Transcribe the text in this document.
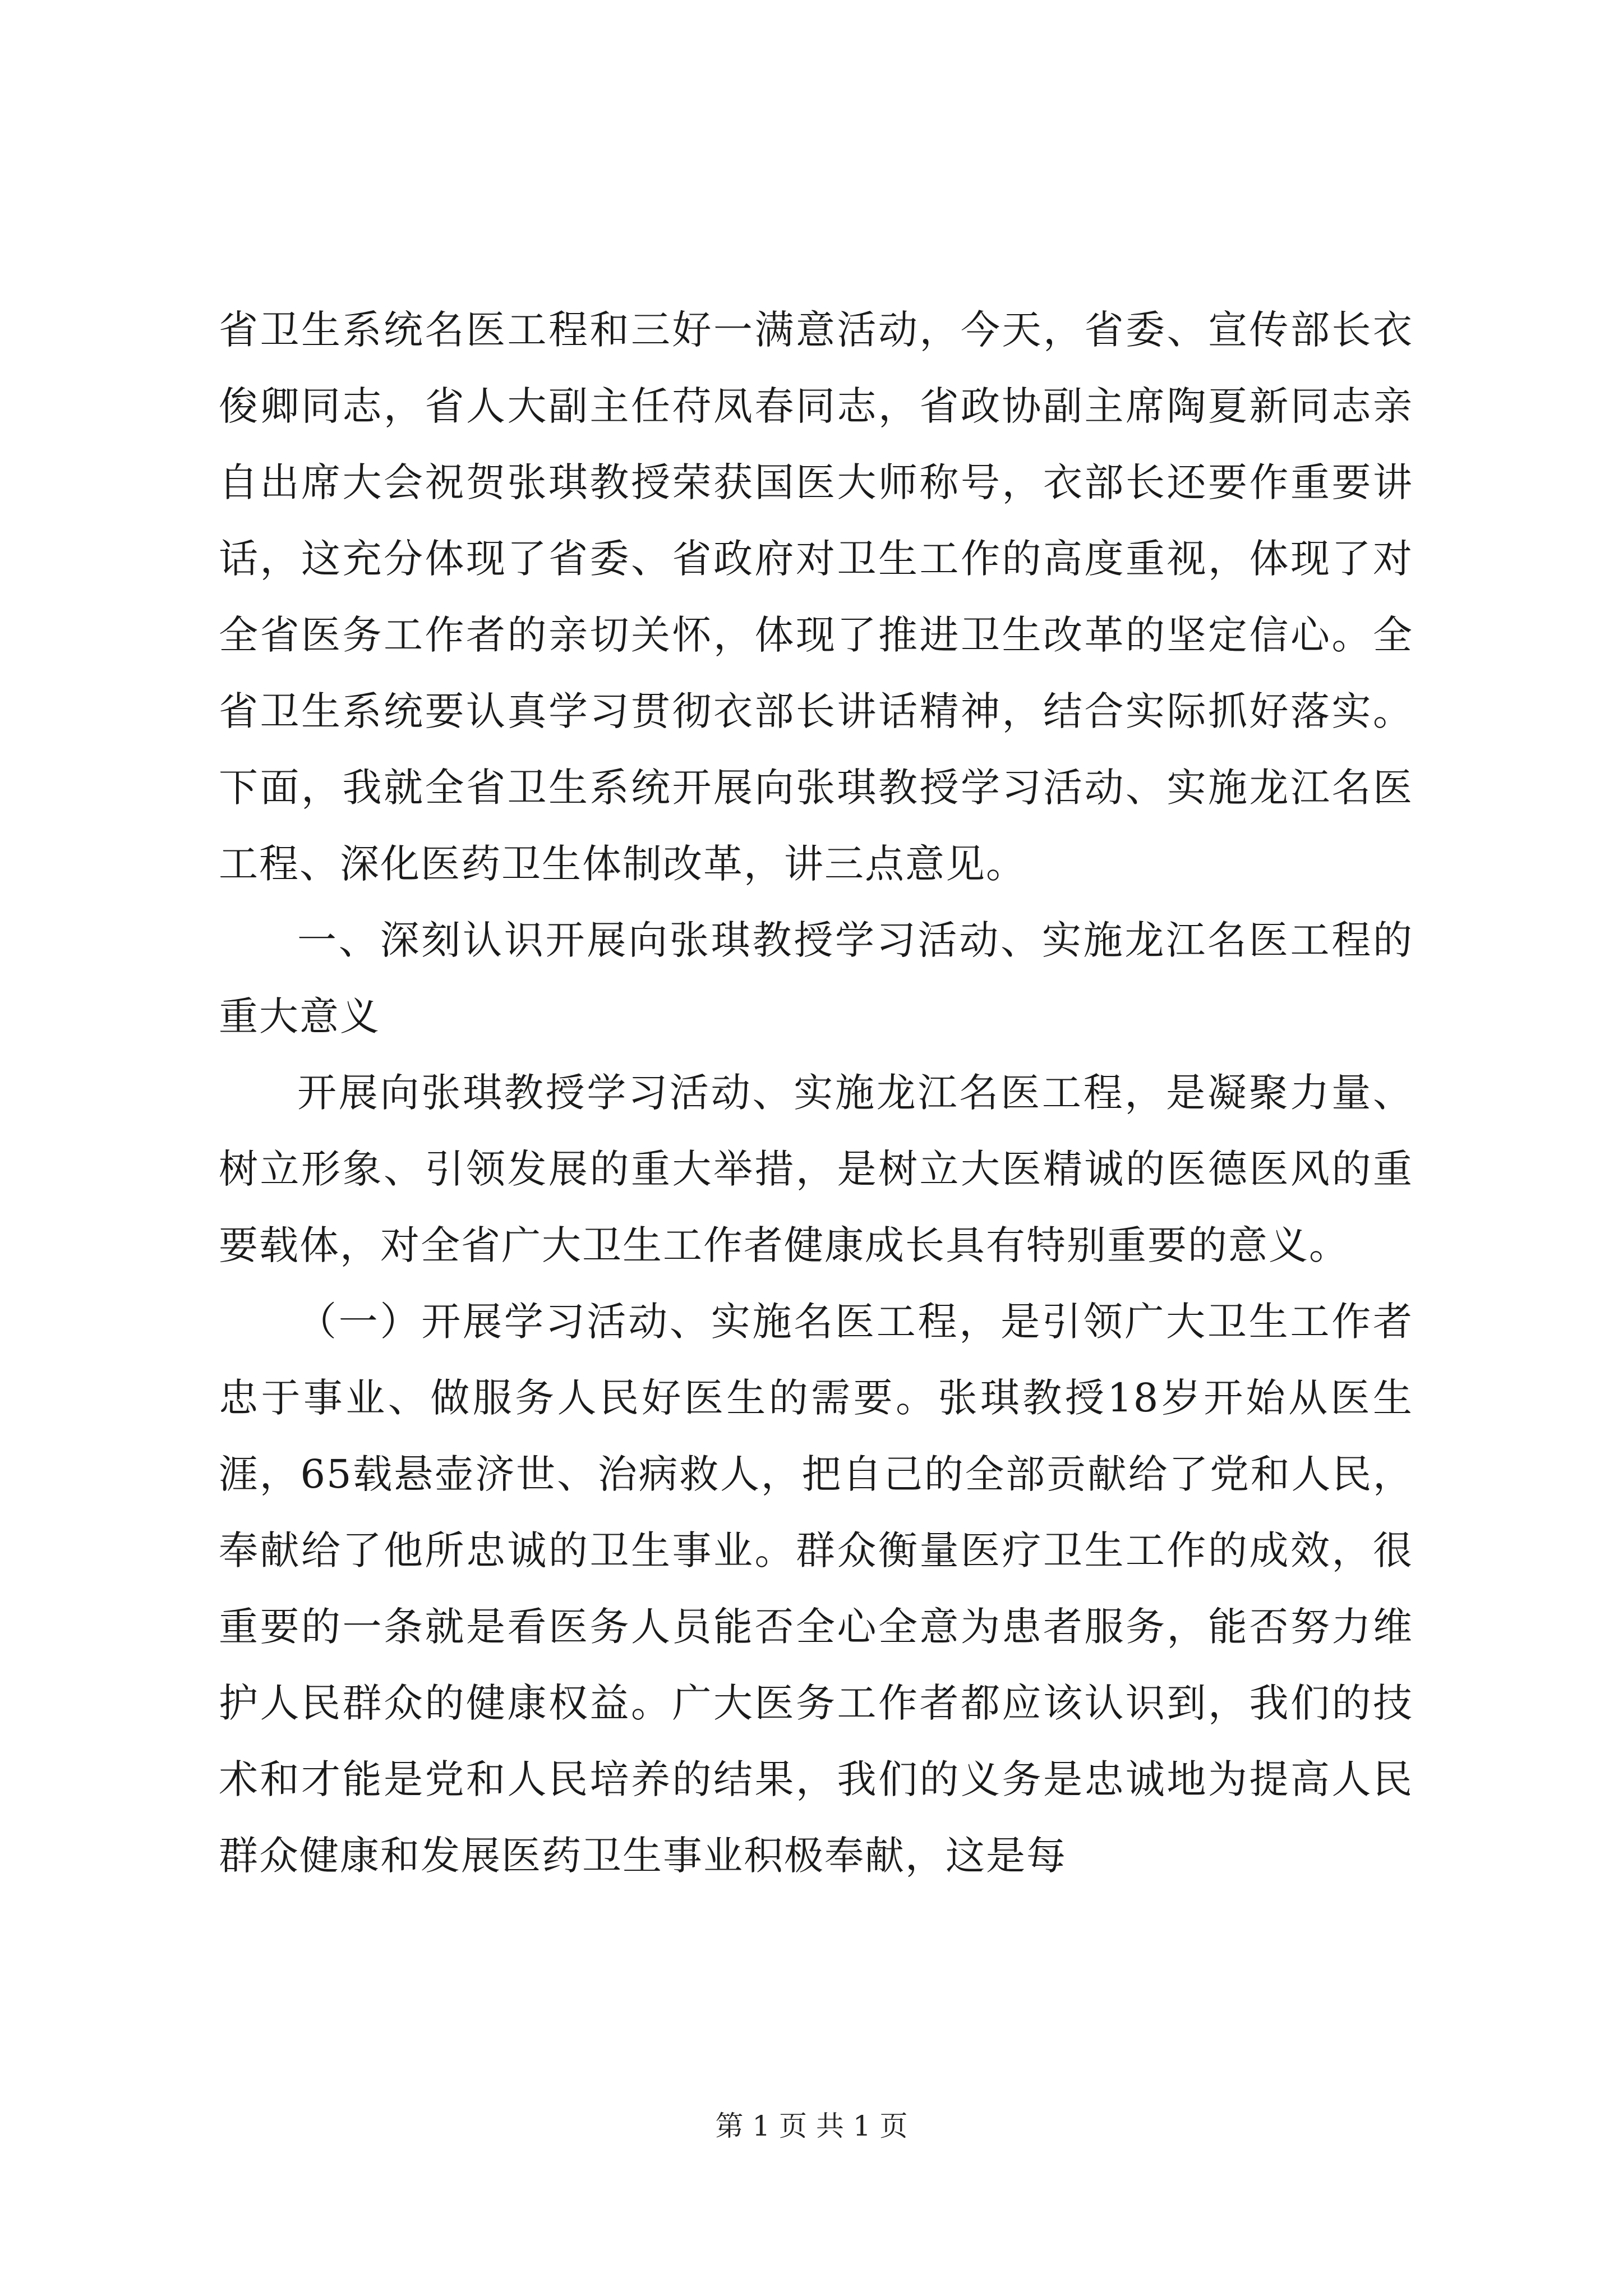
省卫生系统名医工程和三好一满意活动，今天，省委、宣传部长衣俊卿同志，省人大副主任苻凤春同志，省政协副主席陶夏新同志亲自出席大会祝贺张琪教授荣获国医大师称号，衣部长还要作重要讲话，这充分体现了省委、省政府对卫生工作的高度重视，体现了对全省医务工作者的亲切关怀，体现了推进卫生改革的坚定信心。全省卫生系统要认真学习贯彻衣部长讲话精神，结合实际抓好落实。下面，我就全省卫生系统开展向张琪教授学习活动、实施龙江名医工程、深化医药卫生体制改革，讲三点意见。

一、深刻认识开展向张琪教授学习活动、实施龙江名医工程的重大意义

开展向张琪教授学习活动、实施龙江名医工程，是凝聚力量、树立形象、引领发展的重大举措，是树立大医精诚的医德医风的重要载体，对全省广大卫生工作者健康成长具有特别重要的意义。

（一）开展学习活动、实施名医工程，是引领广大卫生工作者忠于事业、做服务人民好医生的需要。张琪教授18岁开始从医生涯，65载悬壶济世、治病救人，把自己的全部贡献给了党和人民，奉献给了他所忠诚的卫生事业。群众衡量医疗卫生工作的成效，很重要的一条就是看医务人员能否全心全意为患者服务，能否努力维护人民群众的健康权益。广大医务工作者都应该认识到，我们的技术和才能是党和人民培养的结果，我们的义务是忠诚地为提高人民群众健康和发展医药卫生事业积极奉献，这是每

第 1 页 共 1 页
